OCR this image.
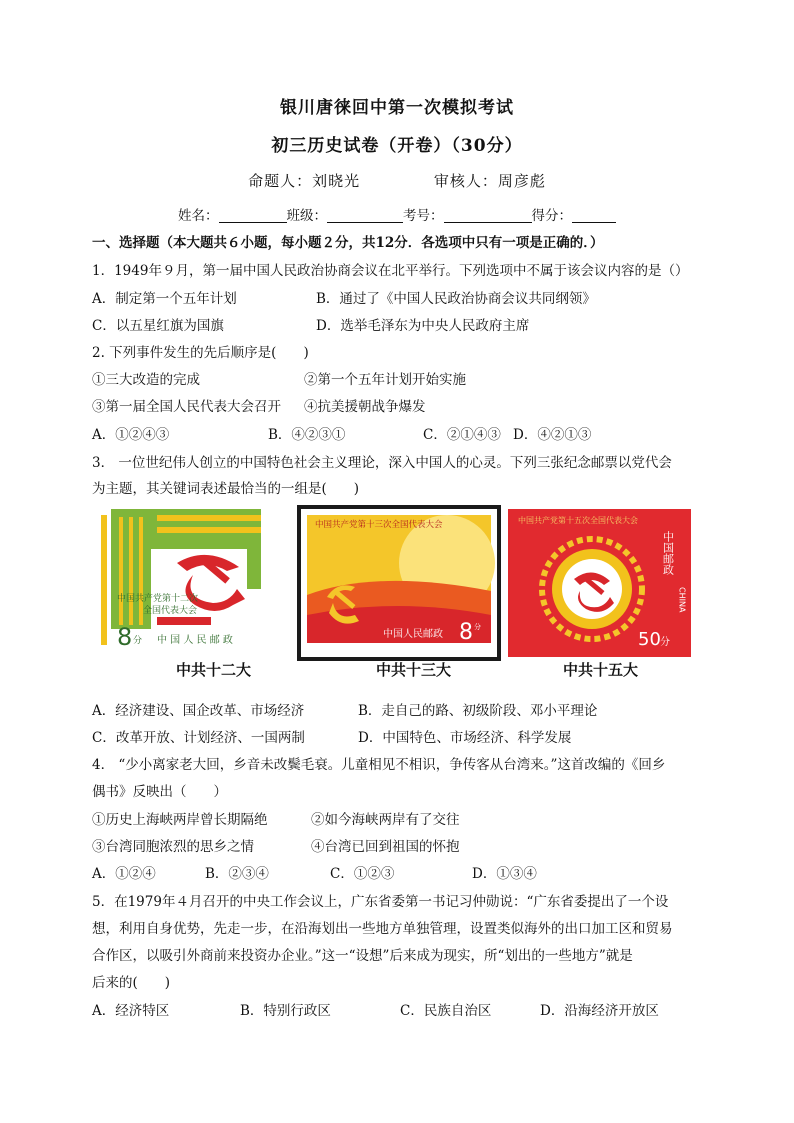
银川唐徕回中第一次模拟考试
初三历史试卷（开卷）（30分）
命题人：刘晓光	审核人：周彦彪
姓名：	班级：	考号：	得分：
一、选择题（本大题共６小题，每小题２分，共12分．各选项中只有一项是正确的．）
1．1949年９月，第一届中国人民政治协商会议在北平举行。下列选项中不属于该会议内容的是（）
A．制定第一个五年计划	B．通过了《中国人民政治协商会议共同纲领》
C．以五星红旗为国旗	D．选举毛泽东为中央人民政府主席
2. 下列事件发生的先后顺序是(　　)
①三大改造的完成	②第一个五年计划开始实施
③第一届全国人民代表大会召开 ④抗美援朝战争爆发
A．①②④③	B．④②③①	C．②①④③ D．④②①③
3． 一位世纪伟人创立的中国特色社会主义理论，深入中国人的心灵。下列三张纪念邮票以党代会
为主题，其关键词表述最恰当的一组是(　　)
中国共产党第十二次
全国代表大会
8 分 中 国 人 民 邮 政
中国共产党第十三次全国代表大会
中国人民邮政 8 分
中国共产党第十五次全国代表大会
中国邮政
CHINA
50 分
中共十二大	中共十三大	中共十五大
A．经济建设、国企改革、市场经济	B．走自己的路、初级阶段、邓小平理论
C．改革开放、计划经济、一国两制	D．中国特色、市场经济、科学发展
4． “少小离家老大回，乡音未改鬓毛衰。儿童相见不相识，争传客从台湾来。”这首改编的《回乡
偶书》反映出（　　）
①历史上海峡两岸曾长期隔绝	②如今海峡两岸有了交往
③台湾同胞浓烈的思乡之情	④台湾已回到祖国的怀抱
A．①②④	B．②③④	C．①②③	D．①③④
5．在1979年４月召开的中央工作会议上，广东省委第一书记习仲勋说：“广东省委提出了一个设
想，利用自身优势，先走一步，在沿海划出一些地方单独管理，设置类似海外的出口加工区和贸易
合作区，以吸引外商前来投资办企业。”这一“设想”后来成为现实，所“划出的一些地方”就是
后来的(　　)
A．经济特区	B．特别行政区	C．民族自治区	D．沿海经济开放区
